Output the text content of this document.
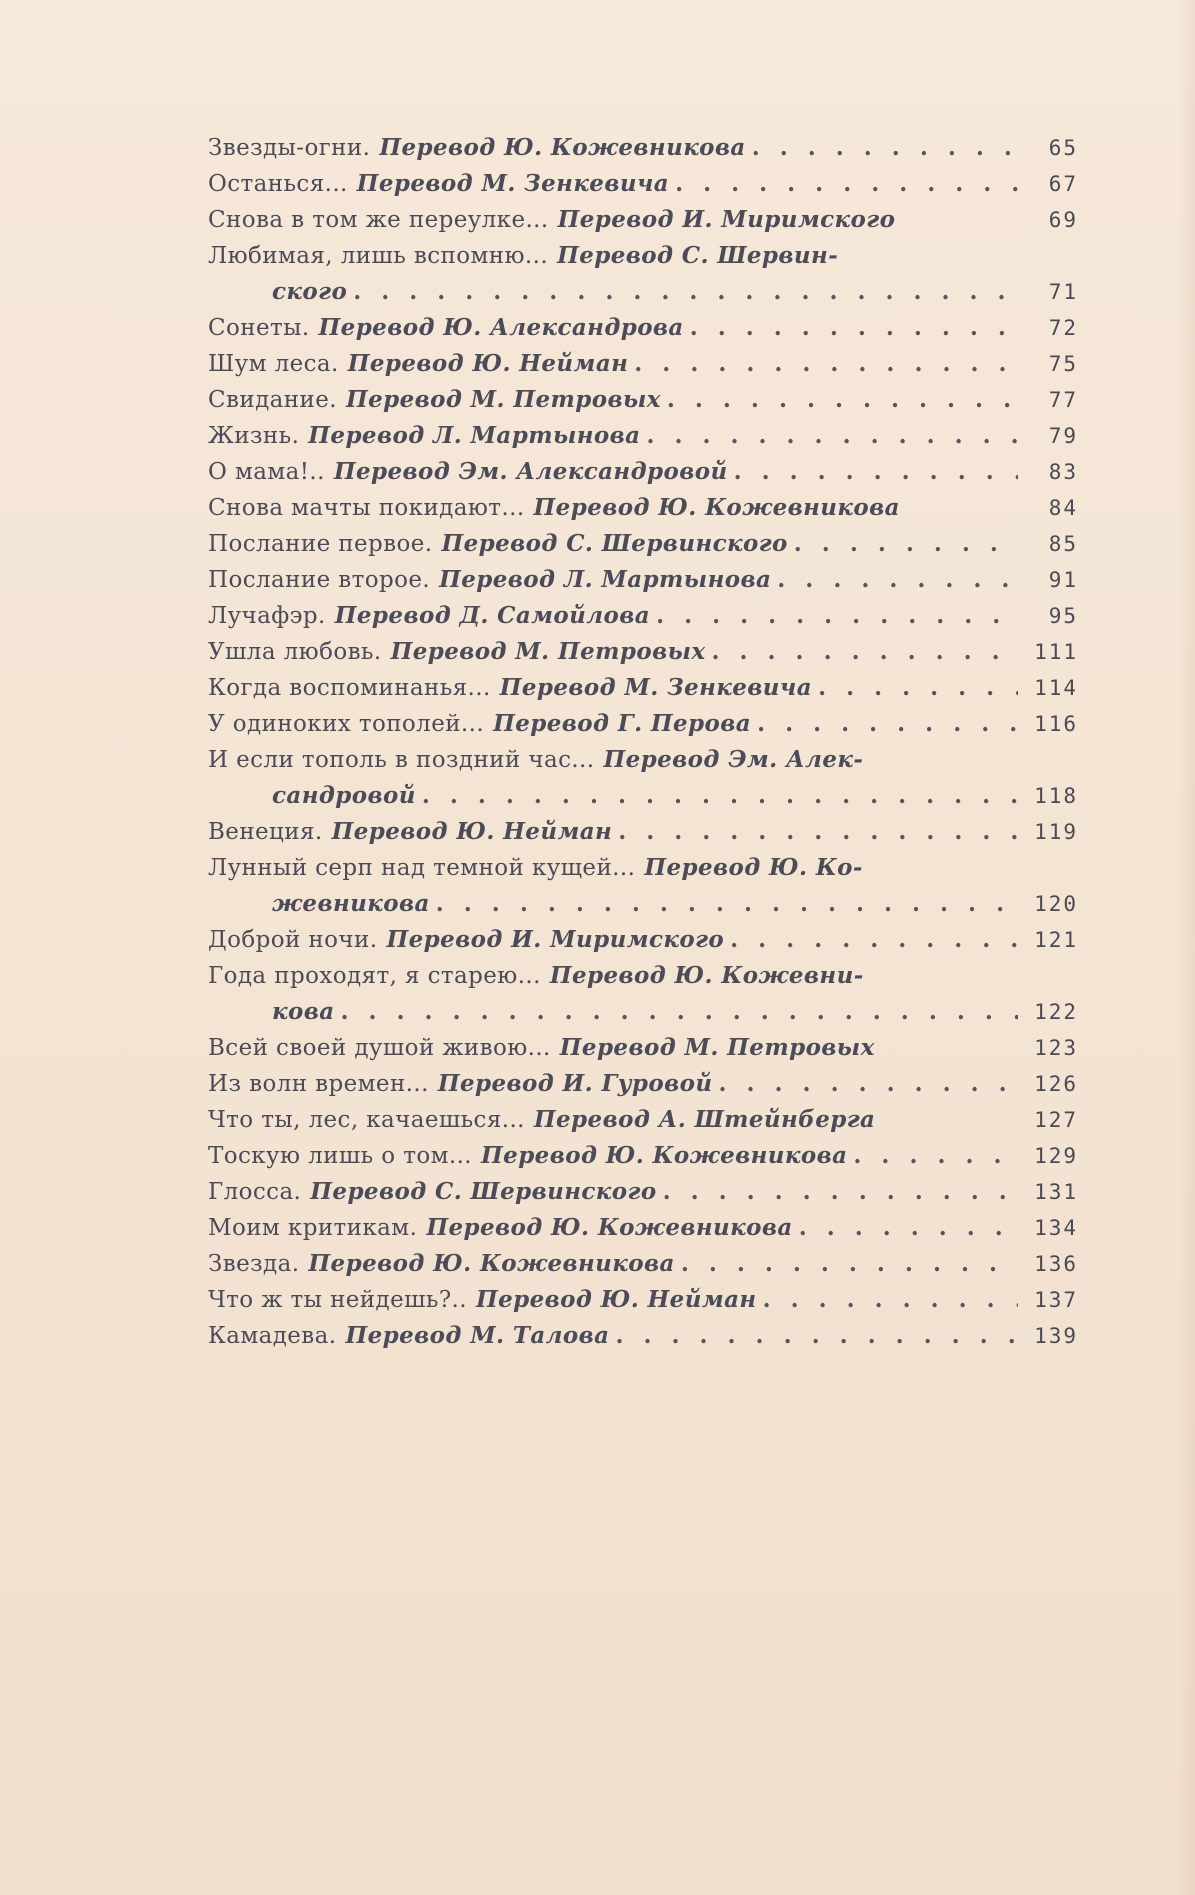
Звезды-огни. Перевод Ю. Кожевникова . . .	65
Останься... Перевод М. Зенкевича . . .	67
Снова в том же переулке... Перевод И. Миримского	69
Любимая, лишь вспомню... Перевод С. Шервин-
ского . . .	71
Сонеты. Перевод Ю. Александрова . . .	72
Шум леса. Перевод Ю. Нейман . . .	75
Свидание. Перевод М. Петровых . . .	77
Жизнь. Перевод Л. Мартынова . . .	79
О мама!.. Перевод Эм. Александровой . . .	83
Снова мачты покидают... Перевод Ю. Кожевникова	84
Послание первое. Перевод С. Шервинского . . .	85
Послание второе. Перевод Л. Мартынова . . .	91
Лучафэр. Перевод Д. Самойлова . . .	95
Ушла любовь. Перевод М. Петровых . . .	111
Когда воспоминанья... Перевод М. Зенкевича . . .	114
У одиноких тополей... Перевод Г. Перова . . .	116
И если тополь в поздний час... Перевод Эм. Алек-
сандровой . . .	118
Венеция. Перевод Ю. Нейман . . .	119
Лунный серп над темной кущей... Перевод Ю. Ко-
жевникова . . .	120
Доброй ночи. Перевод И. Миримского . . .	121
Года проходят, я старею... Перевод Ю. Кожевни-
кова . . .	122
Всей своей душой живою... Перевод М. Петровых	123
Из волн времен... Перевод И. Гуровой . . .	126
Что ты, лес, качаешься... Перевод А. Штейнберга	127
Тоскую лишь о том... Перевод Ю. Кожевникова . . .	129
Глосса. Перевод С. Шервинского . . .	131
Моим критикам. Перевод Ю. Кожевникова . . .	134
Звезда. Перевод Ю. Кожевникова . . .	136
Что ж ты нейдешь?.. Перевод Ю. Нейман . . .	137
Камадева. Перевод М. Талова . . .	139
